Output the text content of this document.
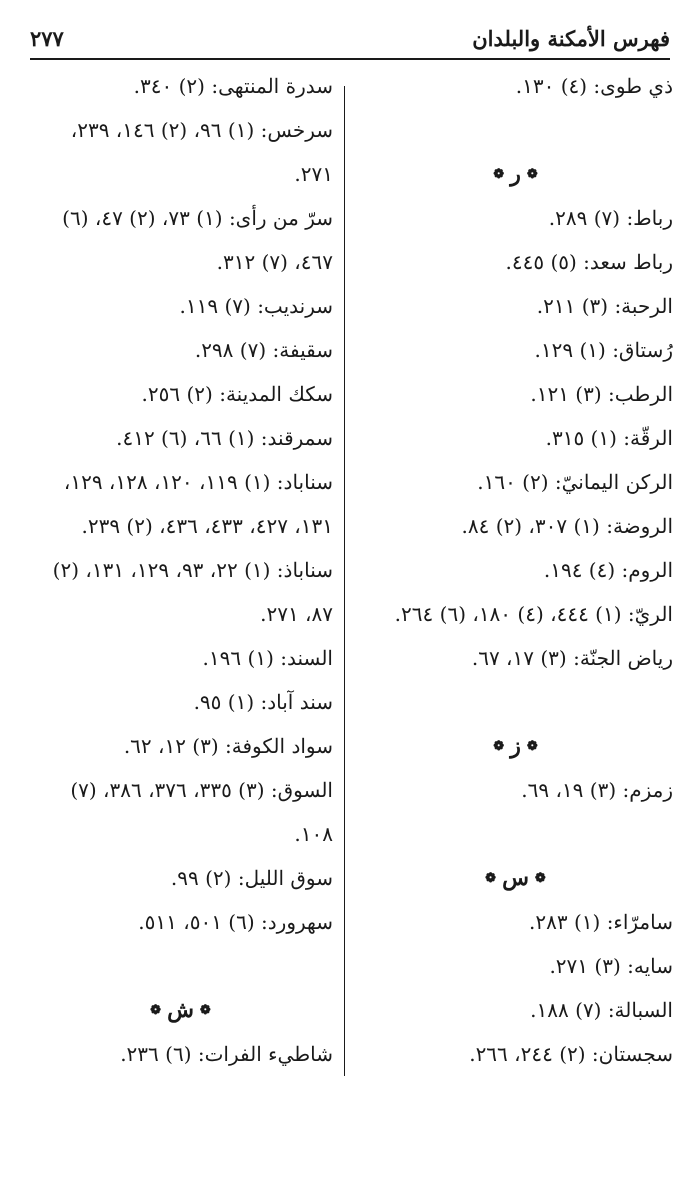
فهرس الأمكنة والبلدان
٢٧٧
ذي طوى: (٤) ١٣٠.
❁ر❁
رباط: (٧) ٢٨٩.
رباط سعد: (٥) ٤٤٥.
الرحبة: (٣) ٢١١.
رُستاق: (١) ١٢٩.
الرطب: (٣) ١٢١.
الرقّة: (١) ٣١٥.
الركن اليمانيّ: (٢) ١٦٠.
الروضة: (١) ٣٠٧، (٢) ٨٤.
الروم: (٤) ١٩٤.
الريّ: (١) ٤٤٤، (٤) ١٨٠، (٦) ٢٦٤.
رياض الجنّة: (٣) ١٧، ٦٧.
❁ز❁
زمزم: (٣) ١٩، ٦٩.
❁س❁
سامرّاء: (١) ٢٨٣.
سايه: (٣) ٢٧١.
السبالة: (٧) ١٨٨.
سجستان: (٢) ٢٤٤، ٢٦٦.
سدرة المنتهى: (٢) ٣٤٠.
سرخس: (١) ٩٦، (٢) ١٤٦، ٢٣٩،
٢٧١.
سرّ من رأى: (١) ٧٣، (٢) ٤٧، (٦)
٤٦٧، (٧) ٣١٢.
سرنديب: (٧) ١١٩.
سقيفة: (٧) ٢٩٨.
سكك المدينة: (٢) ٢٥٦.
سمرقند: (١) ٦٦، (٦) ٤١٢.
سناباد: (١) ١١٩، ١٢٠، ١٢٨، ١٢٩،
١٣١، ٤٢٧، ٤٣٣، ٤٣٦، (٢) ٢٣٩.
سناباذ: (١) ٢٢، ٩٣، ١٢٩، ١٣١، (٢)
٨٧، ٢٧١.
السند: (١) ١٩٦.
سند آباد: (١) ٩٥.
سواد الكوفة: (٣) ١٢، ٦٢.
السوق: (٣) ٣٣٥، ٣٧٦، ٣٨٦، (٧)
١٠٨.
سوق الليل: (٢) ٩٩.
سهرورد: (٦) ٥٠١، ٥١١.
❁ش❁
شاطيء الفرات: (٦) ٢٣٦.
